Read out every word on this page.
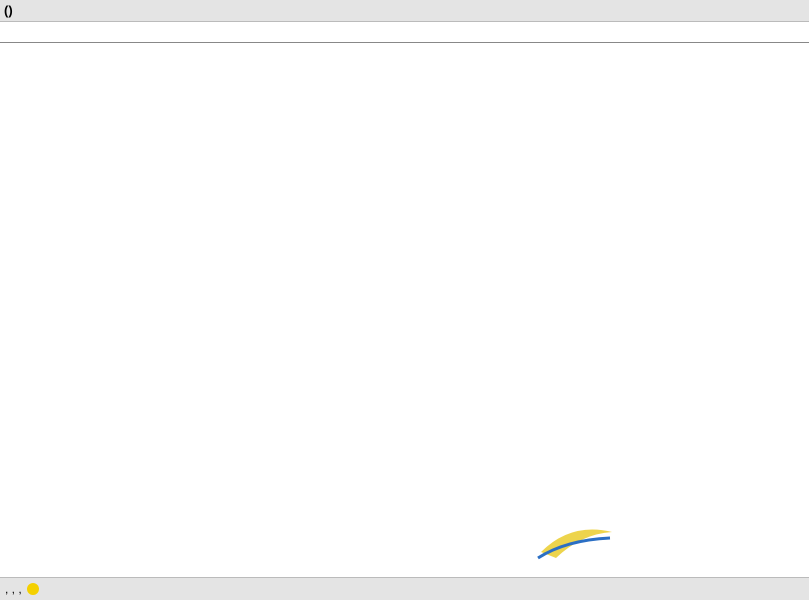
()
, , ,
